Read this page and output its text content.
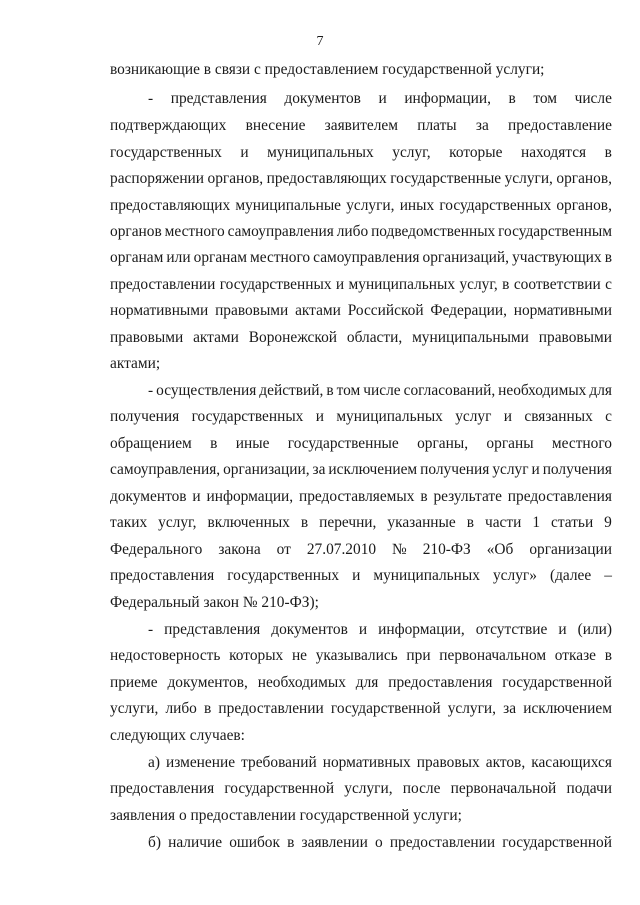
7
возникающие в связи с предоставлением государственной услуги;
- представления документов и информации, в том числе
подтверждающих внесение заявителем платы за предоставление
государственных и муниципальных услуг, которые находятся в
распоряжении органов, предоставляющих государственные услуги, органов,
предоставляющих муниципальные услуги, иных государственных органов,
органов местного самоуправления либо подведомственных государственным
органам или органам местного самоуправления организаций, участвующих в
предоставлении государственных и муниципальных услуг, в соответствии с
нормативными правовыми актами Российской Федерации, нормативными
правовыми актами Воронежской области, муниципальными правовыми
актами;
- осуществления действий, в том числе согласований, необходимых для
получения государственных и муниципальных услуг и связанных с
обращением в иные государственные органы, органы местного
самоуправления, организации, за исключением получения услуг и получения
документов и информации, предоставляемых в результате предоставления
таких услуг, включенных в перечни, указанные в части 1 статьи 9
Федерального закона от 27.07.2010 № 210-ФЗ «Об организации
предоставления государственных и муниципальных услуг» (далее –
Федеральный закон № 210-ФЗ);
- представления документов и информации, отсутствие и (или)
недостоверность которых не указывались при первоначальном отказе в
приеме документов, необходимых для предоставления государственной
услуги, либо в предоставлении государственной услуги, за исключением
следующих случаев:
а) изменение требований нормативных правовых актов, касающихся
предоставления государственной услуги, после первоначальной подачи
заявления о предоставлении государственной услуги;
б) наличие ошибок в заявлении о предоставлении государственной
